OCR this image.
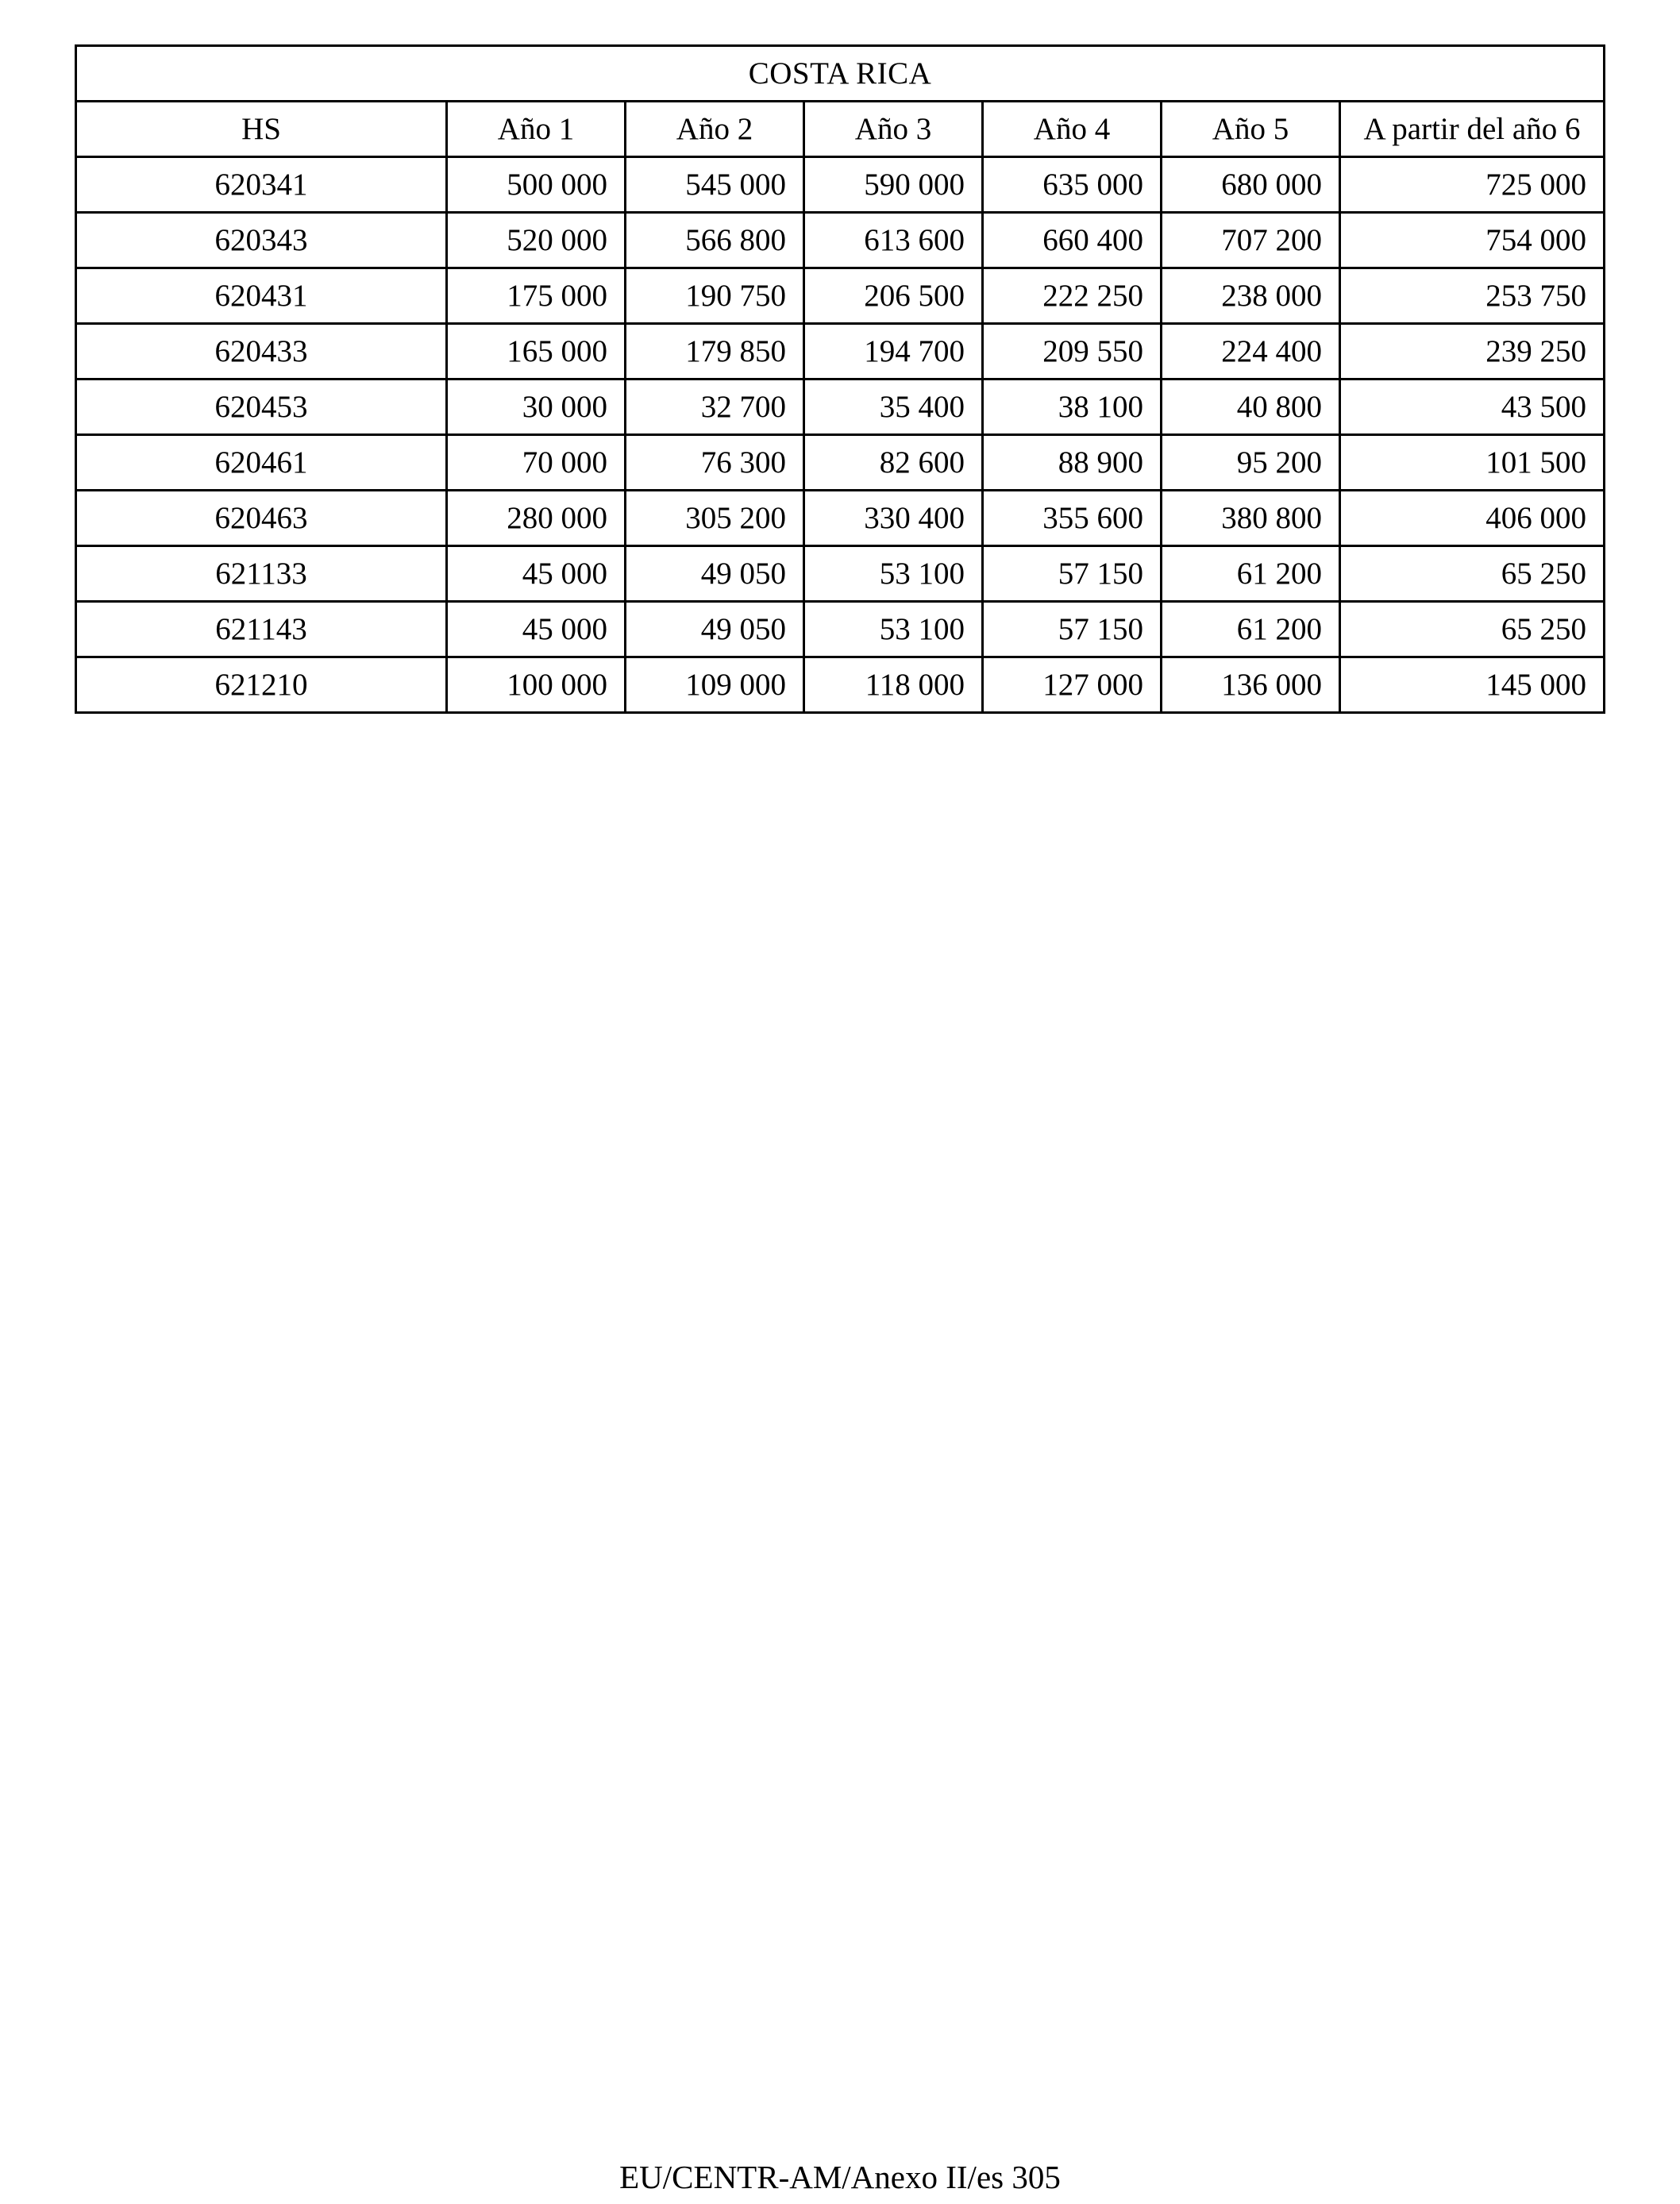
COSTA RICA						
HS	Año 1	Año 2	Año 3	Año 4	Año 5	A partir del año 6
620341	500 000	545 000	590 000	635 000	680 000	725 000
620343	520 000	566 800	613 600	660 400	707 200	754 000
620431	175 000	190 750	206 500	222 250	238 000	253 750
620433	165 000	179 850	194 700	209 550	224 400	239 250
620453	30 000	32 700	35 400	38 100	40 800	43 500
620461	70 000	76 300	82 600	88 900	95 200	101 500
620463	280 000	305 200	330 400	355 600	380 800	406 000
621133	45 000	49 050	53 100	57 150	61 200	65 250
621143	45 000	49 050	53 100	57 150	61 200	65 250
621210	100 000	109 000	118 000	127 000	136 000	145 000
EU/CENTR-AM/Anexo II/es 305
